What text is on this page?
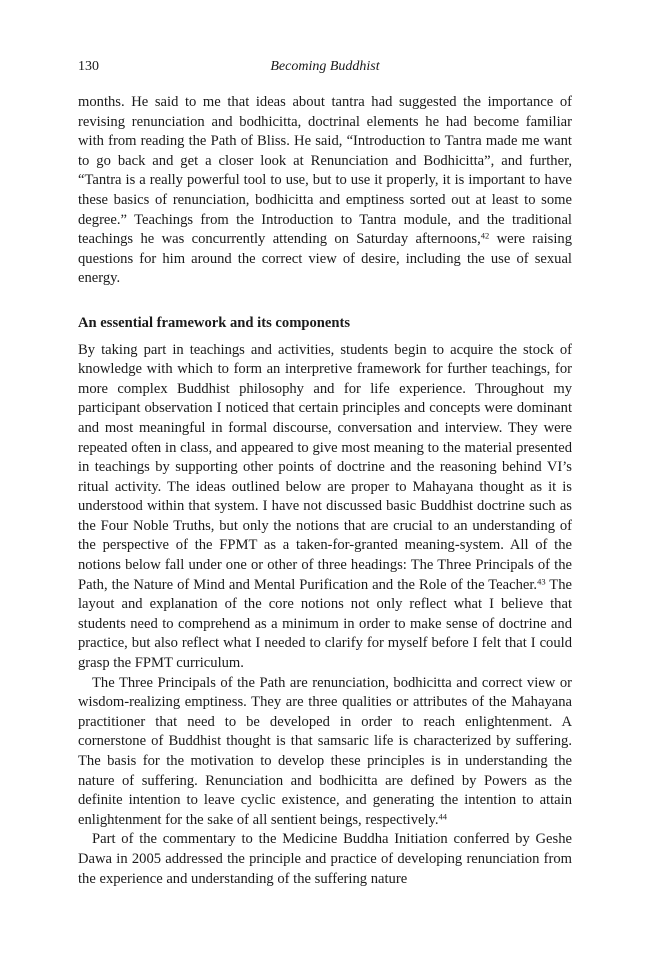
130	Becoming Buddhist

months. He said to me that ideas about tantra had suggested the importance of revising renunciation and bodhicitta, doctrinal elements he had become familiar with from reading the Path of Bliss. He said, “Introduction to Tantra made me want to go back and get a closer look at Renunciation and Bodhicitta”, and further, “Tantra is a really powerful tool to use, but to use it properly, it is important to have these basics of renunciation, bodhicitta and emptiness sorted out at least to some degree.” Teachings from the Introduction to Tantra module, and the traditional teachings he was concurrently attending on Saturday afternoons,$^{42}$ were raising questions for him around the correct view of desire, including the use of sexual energy.

An essential framework and its components

By taking part in teachings and activities, students begin to acquire the stock of knowledge with which to form an interpretive framework for further teachings, for more complex Buddhist philosophy and for life experience. Throughout my participant observation I noticed that certain principles and concepts were dominant and most meaningful in formal discourse, conversation and interview. They were repeated often in class, and appeared to give most meaning to the material presented in teachings by supporting other points of doctrine and the reasoning behind VI’s ritual activity. The ideas outlined below are proper to Mahayana thought as it is understood within that system. I have not discussed basic Buddhist doctrine such as the Four Noble Truths, but only the notions that are crucial to an understanding of the perspective of the FPMT as a taken-for-granted meaning-system. All of the notions below fall under one or other of three headings: The Three Principals of the Path, the Nature of Mind and Mental Purification and the Role of the Teacher.$^{43}$ The layout and explanation of the core notions not only reflect what I believe that students need to comprehend as a minimum in order to make sense of doctrine and practice, but also reflect what I needed to clarify for myself before I felt that I could grasp the FPMT curriculum.

The Three Principals of the Path are renunciation, bodhicitta and correct view or wisdom-realizing emptiness. They are three qualities or attributes of the Mahayana practitioner that need to be developed in order to reach enlightenment. A cornerstone of Buddhist thought is that samsaric life is characterized by suffering. The basis for the motivation to develop these principles is in understanding the nature of suffering. Renunciation and bodhicitta are defined by Powers as the definite intention to leave cyclic existence, and generating the intention to attain enlightenment for the sake of all sentient beings, respectively.$^{44}$

Part of the commentary to the Medicine Buddha Initiation conferred by Geshe Dawa in 2005 addressed the principle and practice of developing renunciation from the experience and understanding of the suffering nature
